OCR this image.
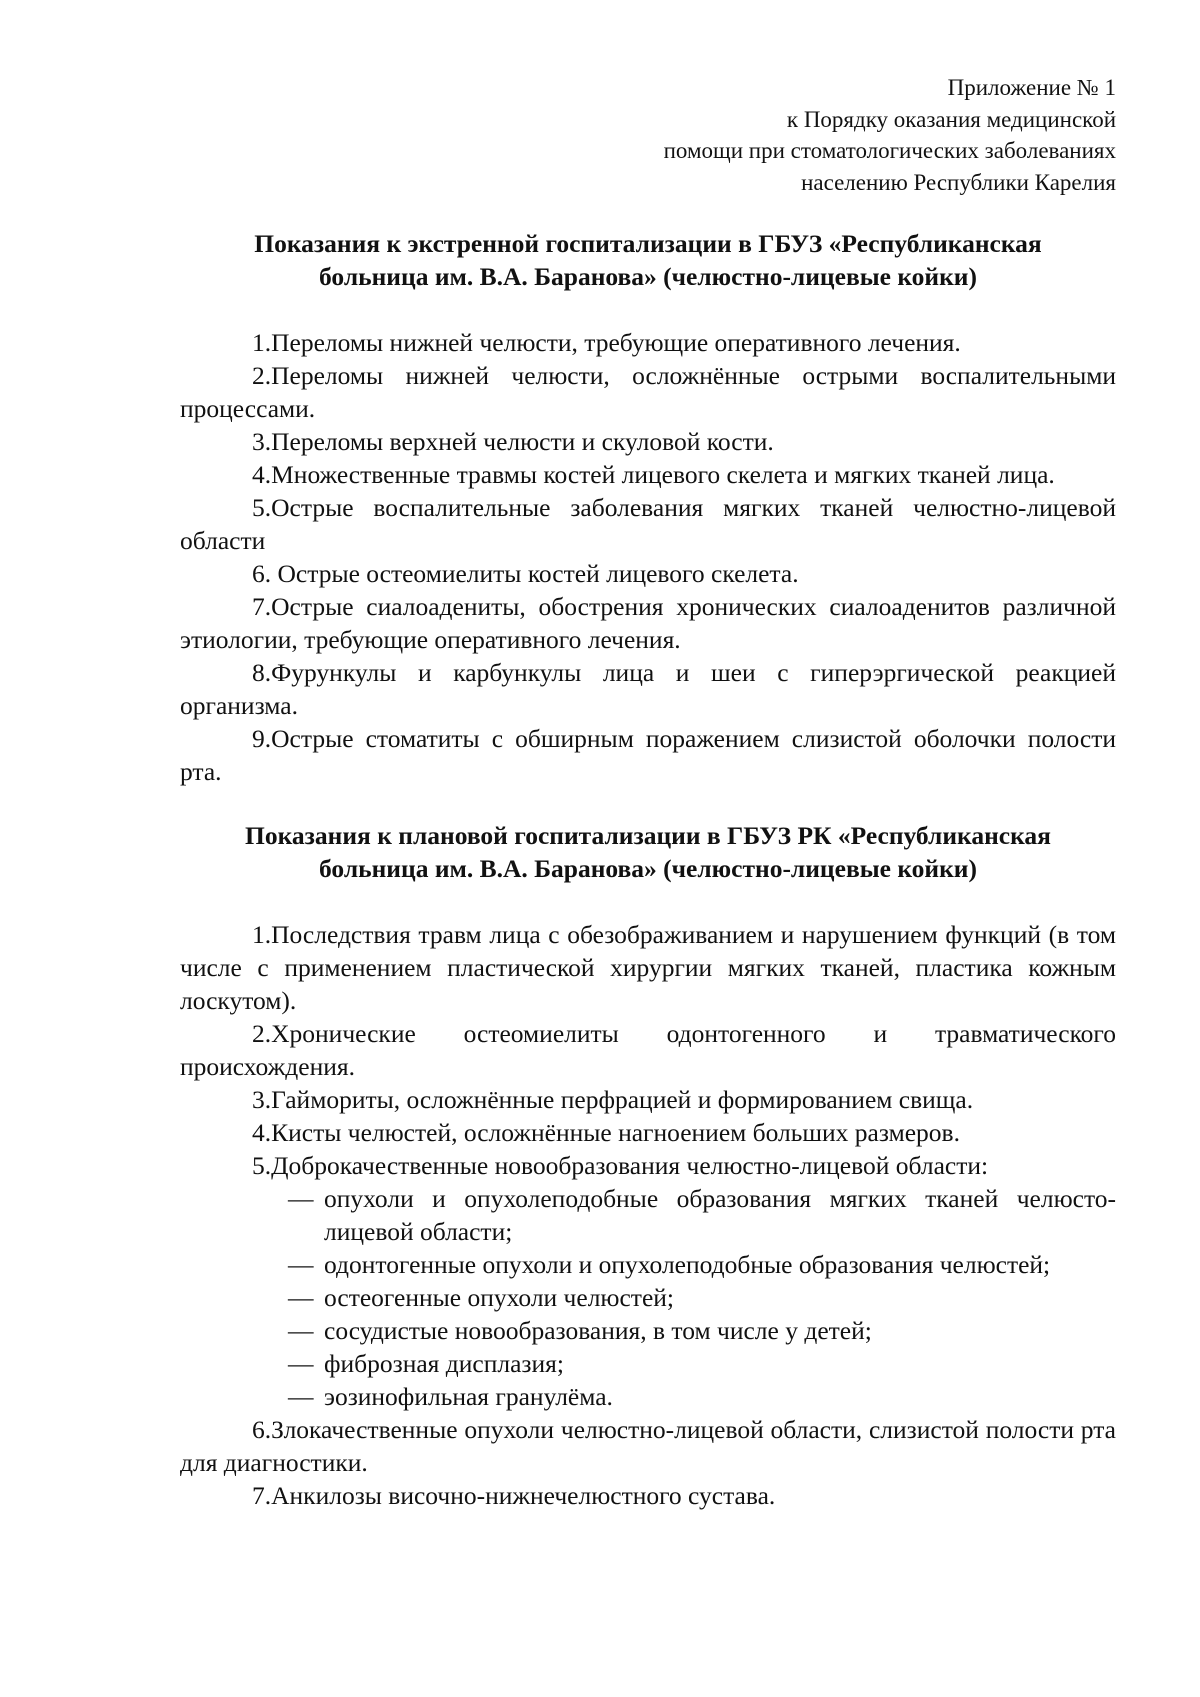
Приложение № 1
к Порядку оказания медицинской
помощи при стоматологических заболеваниях
населению Республики Карелия
Показания к экстренной госпитализации в ГБУЗ «Республиканская
больница им. В.А. Баранова» (челюстно-лицевые койки)
1.Переломы нижней челюсти, требующие оперативного лечения.
2.Переломы нижней челюсти, осложнённые острыми воспалительными процессами.
3.Переломы верхней челюсти и скуловой кости.
4.Множественные травмы костей лицевого скелета и мягких тканей лица.
5.Острые воспалительные заболевания мягких тканей челюстно-лицевой области
6. Острые остеомиелиты костей лицевого скелета.
7.Острые сиалоадениты, обострения хронических сиалоаденитов различной этиологии, требующие оперативного лечения.
8.Фурункулы и карбункулы лица и шеи с гиперэргической реакцией организма.
9.Острые стоматиты с обширным поражением слизистой оболочки полости рта.
Показания к плановой госпитализации в ГБУЗ РК «Республиканская
больница им. В.А. Баранова» (челюстно-лицевые койки)
1.Последствия травм лица с обезображиванием и нарушением функций (в том числе с применением пластической хирургии мягких тканей, пластика кожным лоскутом).
2.Хронические остеомиелиты одонтогенного и травматического происхождения.
3.Гаймориты, осложнённые перфрацией и формированием свища.
4.Кисты челюстей, осложнённые нагноением больших размеров.
5.Доброкачественные новообразования челюстно-лицевой области:
— опухоли и опухолеподобные образования мягких тканей челюсто-лицевой области;
— одонтогенные опухоли и опухолеподобные образования челюстей;
— остеогенные опухоли челюстей;
— сосудистые новообразования, в том числе у детей;
— фиброзная дисплазия;
— эозинофильная гранулёма.
6.Злокачественные опухоли челюстно-лицевой области, слизистой полости рта для диагностики.
7.Анкилозы височно-нижнечелюстного сустава.
